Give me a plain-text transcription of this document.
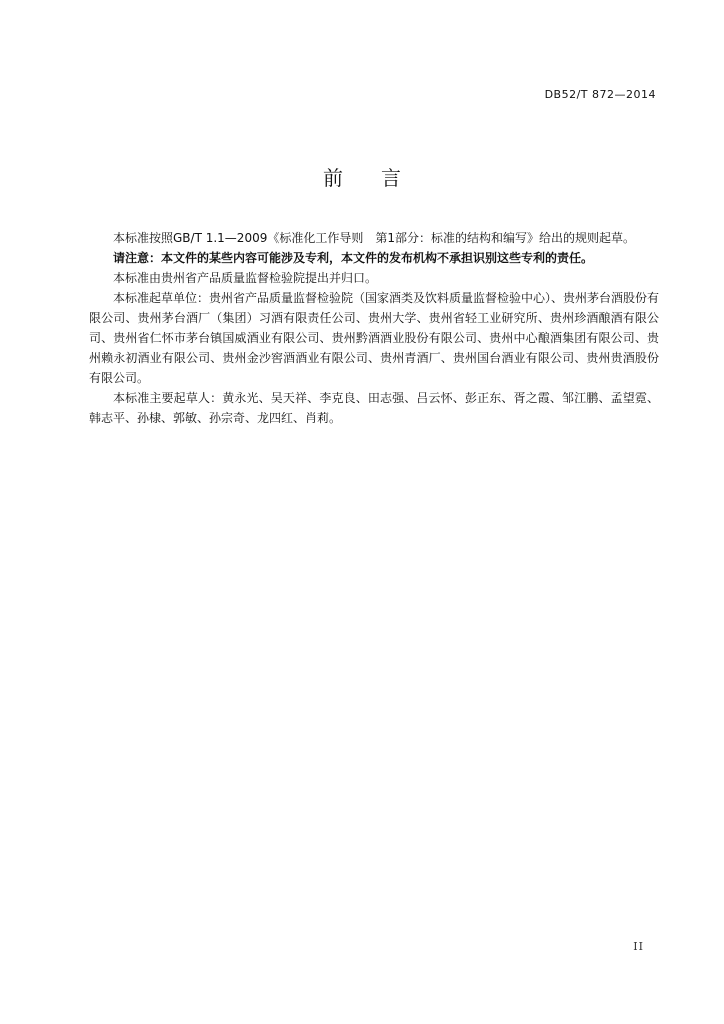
DB52/T 872—2014
前言

本标准按照GB/T 1.1—2009《标准化工作导则　第1部分：标准的结构和编写》给出的规则起草。

请注意：本文件的某些内容可能涉及专利，本文件的发布机构不承担识别这些专利的责任。

本标准由贵州省产品质量监督检验院提出并归口。

本标准起草单位：贵州省产品质量监督检验院（国家酒类及饮料质量监督检验中心）、贵州茅台酒股份有限公司、贵州茅台酒厂（集团）习酒有限责任公司、贵州大学、贵州省轻工业研究所、贵州珍酒酿酒有限公司、贵州省仁怀市茅台镇国威酒业有限公司、贵州黔酒酒业股份有限公司、贵州中心酿酒集团有限公司、贵州赖永初酒业有限公司、贵州金沙窖酒酒业有限公司、贵州青酒厂、贵州国台酒业有限公司、贵州贵酒股份有限公司。

本标准主要起草人：黄永光、吴天祥、李克良、田志强、吕云怀、彭正东、胥之霞、邹江鹏、孟望霓、韩志平、孙棣、郭敏、孙宗奇、龙四红、肖莉。

II
